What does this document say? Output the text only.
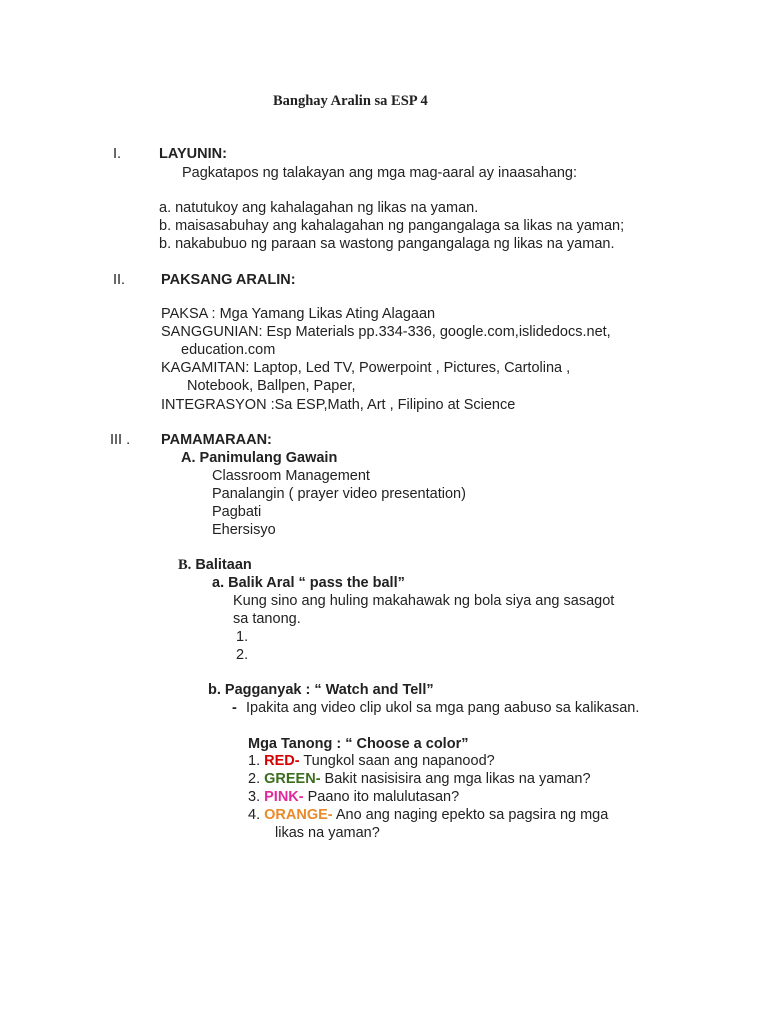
Banghay Aralin sa ESP 4
I.	LAYUNIN:
Pagkatapos ng talakayan ang mga mag-aaral ay inaasahang:
a. natutukoy ang kahalagahan ng likas na yaman.
b. maisasabuhay ang kahalagahan ng pangangalaga sa likas na yaman;
b. nakabubuo ng paraan sa wastong pangangalaga ng likas na yaman.
II. PAKSANG ARALIN:
PAKSA : Mga Yamang Likas Ating Alagaan
SANGGUNIAN: Esp Materials pp.334-336, google.com,islidedocs.net,
education.com
KAGAMITAN: Laptop, Led TV, Powerpoint , Pictures, Cartolina ,
Notebook, Ballpen, Paper,
INTEGRASYON :Sa ESP,Math, Art , Filipino at Science
III . PAMAMARAAN:
A. Panimulang Gawain
Classroom Management
Panalangin ( prayer video presentation)
Pagbati
Ehersisyo
B. Balitaan
a. Balik Aral “ pass the ball”
Kung sino ang huling makahawak ng bola siya ang sasagot
sa tanong.
1.
2.
b. Pagganyak : “ Watch and Tell”
- Ipakita ang video clip ukol sa mga pang aabuso sa kalikasan.
Mga Tanong : “ Choose a color”
1. RED- Tungkol saan ang napanood?
2. GREEN- Bakit nasisisira ang mga likas na yaman?
3. PINK- Paano ito malulutasan?
4. ORANGE- Ano ang naging epekto sa pagsira ng mga
likas na yaman?
